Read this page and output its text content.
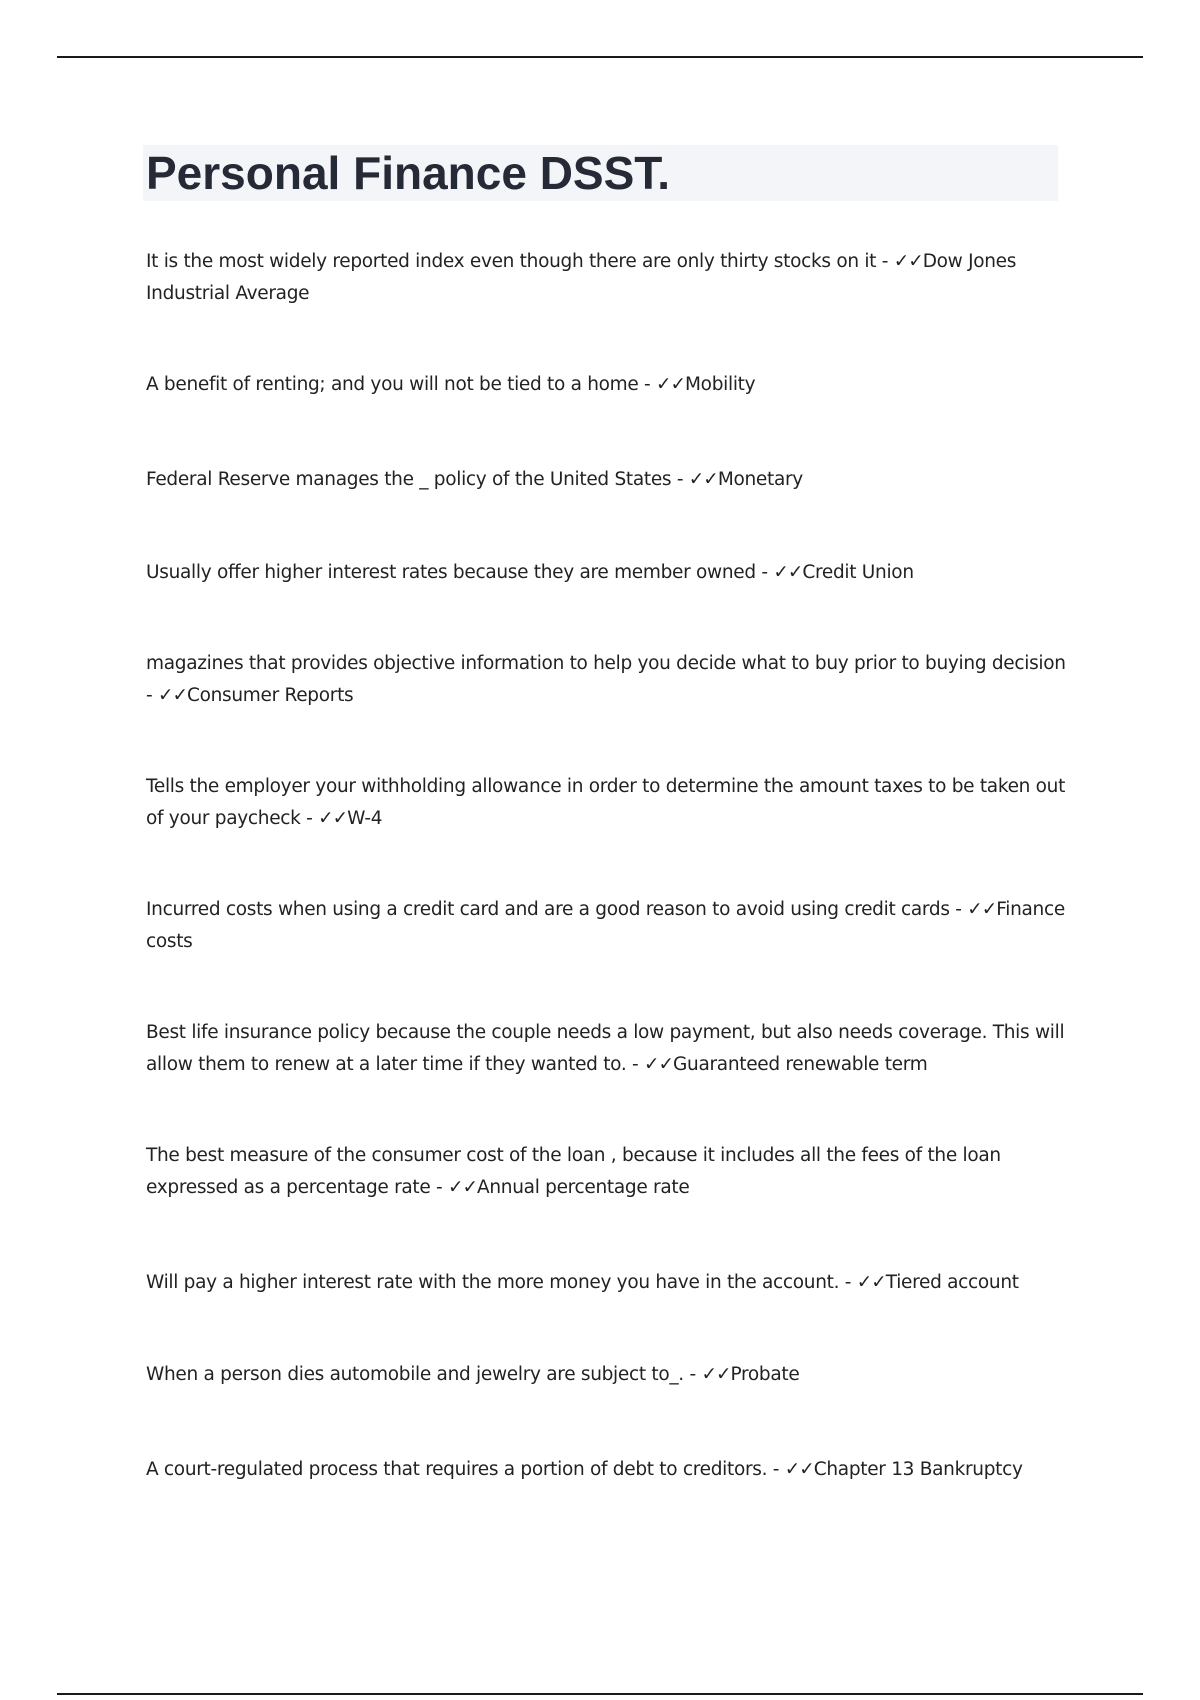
Personal Finance DSST.

It is the most widely reported index even though there are only thirty stocks on it - ✓✓Dow Jones Industrial Average

A benefit of renting; and you will not be tied to a home - ✓✓Mobility

Federal Reserve manages the _ policy of the United States - ✓✓Monetary

Usually offer higher interest rates because they are member owned - ✓✓Credit Union

magazines that provides objective information to help you decide what to buy prior to buying decision - ✓✓Consumer Reports

Tells the employer your withholding allowance in order to determine the amount taxes to be taken out of your paycheck - ✓✓W-4

Incurred costs when using a credit card and are a good reason to avoid using credit cards - ✓✓Finance costs

Best life insurance policy because the couple needs a low payment, but also needs coverage. This will allow them to renew at a later time if they wanted to. - ✓✓Guaranteed renewable term

The best measure of the consumer cost of the loan , because it includes all the fees of the loan expressed as a percentage rate - ✓✓Annual percentage rate

Will pay a higher interest rate with the more money you have in the account. - ✓✓Tiered account

When a person dies automobile and jewelry are subject to_. - ✓✓Probate

A court-regulated process that requires a portion of debt to creditors. - ✓✓Chapter 13 Bankruptcy
